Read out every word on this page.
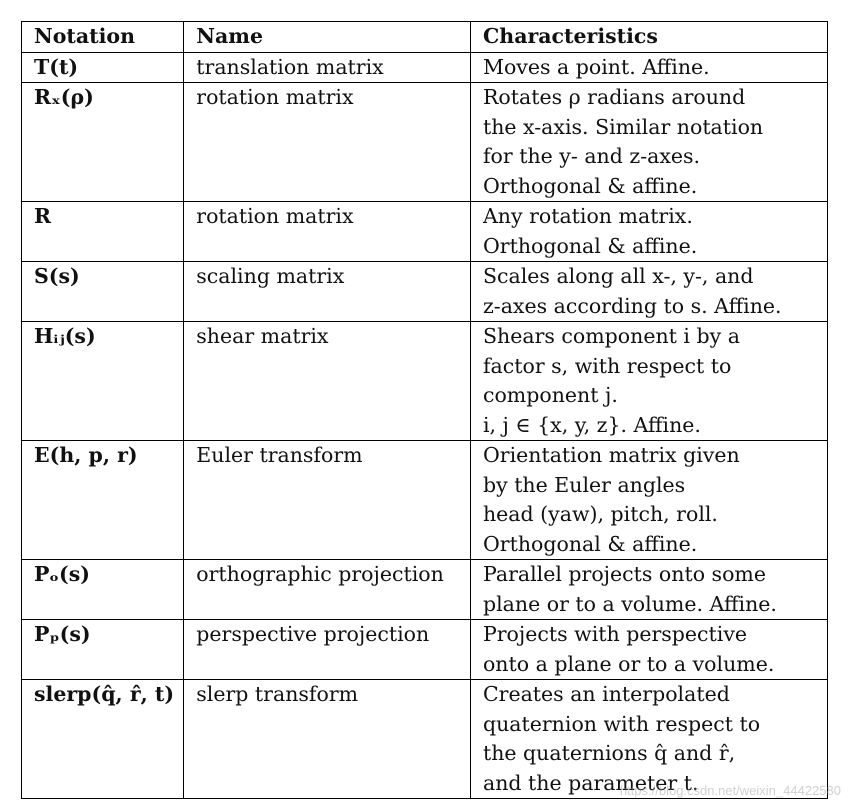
Notation	Name	Characteristics
T(t)	translation matrix	Moves a point. Affine.

Rₓ(ρ)	rotation matrix	Rotates ρ radians around
the x-axis. Similar notation
for the y- and z-axes.
Orthogonal & affine.

R	rotation matrix	Any rotation matrix.
Orthogonal & affine.

S(s)	scaling matrix	Scales along all x-, y-, and
z-axes according to s. Affine.

Hᵢⱼ(s)	shear matrix	Shears component i by a
factor s, with respect to
component j.
i, j ∈ {x, y, z}. Affine.

E(h, p, r)	Euler transform	Orientation matrix given
by the Euler angles
head (yaw), pitch, roll.
Orthogonal & affine.

Pₒ(s)	orthographic projection	Parallel projects onto some
plane or to a volume. Affine.

Pₚ(s)	perspective projection	Projects with perspective
onto a plane or to a volume.

slerp(q̂, r̂, t)	slerp transform	Creates an interpolated
quaternion with respect to
the quaternions q̂ and r̂,
and the parameter t.
https://blog.csdn.net/weixin_44422580
